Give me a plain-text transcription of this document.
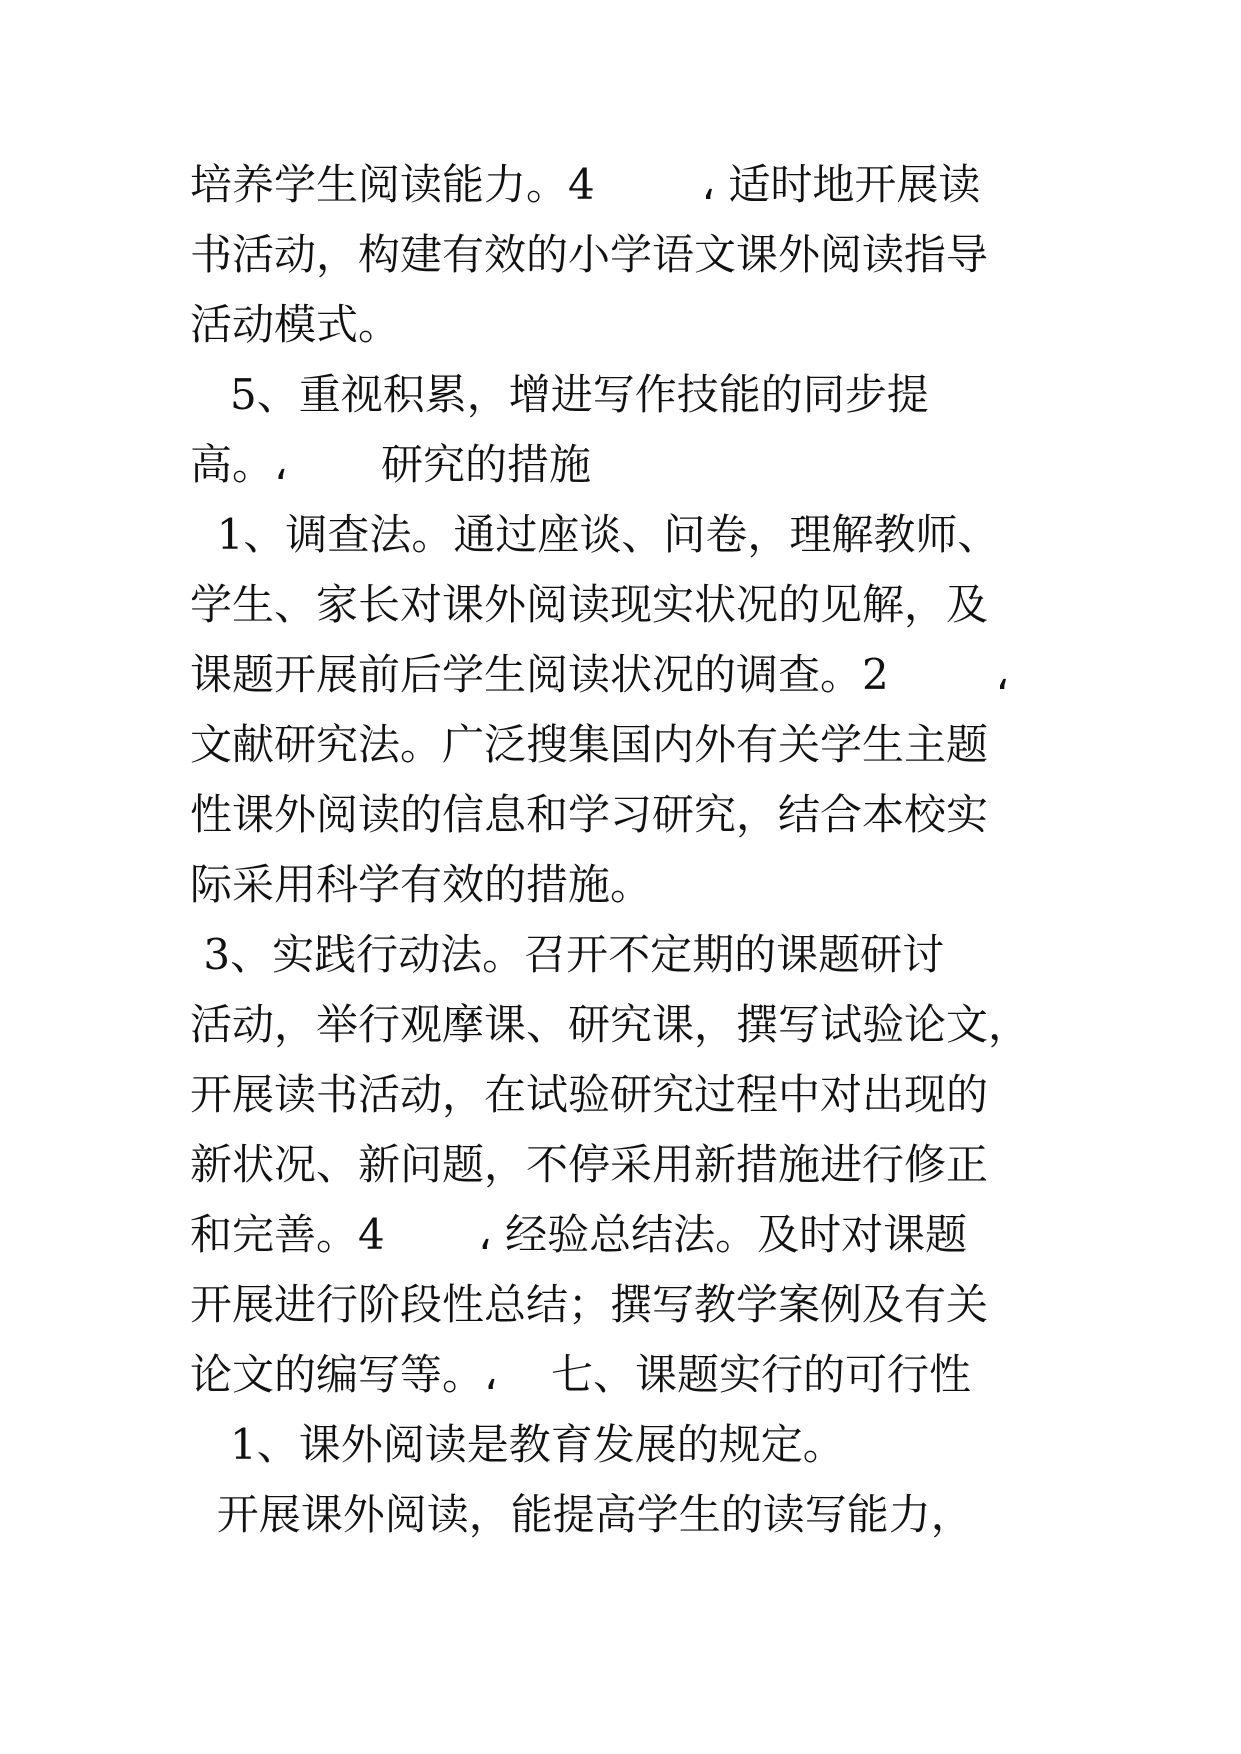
培养学生阅读能力。4        ، 适时地开展读
书活动，构建有效的小学语文课外阅读指导
活动模式。
5、重视积累，增进写作技能的同步提
高。،       研究的措施
1、调查法。通过座谈、问卷，理解教师、
学生、家长对课外阅读现实状况的见解，及
课题开展前后学生阅读状况的调查。2        ،
文献研究法。广泛搜集国内外有关学生主题
性课外阅读的信息和学习研究，结合本校实
际采用科学有效的措施。
3、实践行动法。召开不定期的课题研讨
活动，举行观摩课、研究课，撰写试验论文，
开展读书活动，在试验研究过程中对出现的
新状况、新问题，不停采用新措施进行修正
和完善。4       ، 经验总结法。及时对课题
开展进行阶段性总结；撰写教学案例及有关
论文的编写等。،    七、课题实行的可行性
1、课外阅读是教育发展的规定。
开展课外阅读，能提高学生的读写能力，
